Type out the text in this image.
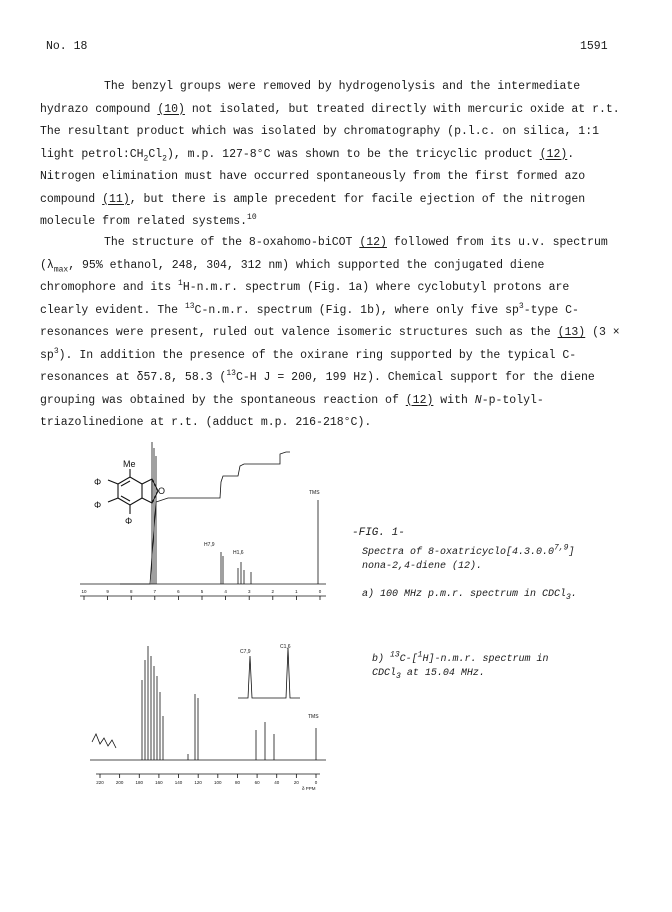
No. 18	1591

The benzyl groups were removed by hydrogenolysis and the intermediate hydrazo compound (10) not isolated, but treated directly with mercuric oxide at r.t. The resultant product which was isolated by chromatography (p.l.c. on silica, 1:1 light $petrol:CH_2Cl_2$), m.p. 127-8°C was shown to be the tricyclic product (12). Nitrogen elimination must have occurred spontaneously from the first formed azo compound (11), but there is ample precedent for facile ejection of the nitrogen molecule from related systems.$^{10}$

The structure of the 8-oxahomo-biCOT (12) followed from its u.v. spectrum ($\lambda_{max}$, 95% ethanol, 248, 304, 312 nm) which supported the conjugated diene chromophore and its $^1$H-n.m.r. spectrum (Fig. 1a) where cyclobutyl protons are clearly evident. The $^{13}$C-n.m.r. spectrum (Fig. 1b), where only five $sp^3$-type C-resonances were present, ruled out valence isomeric structures such as the (13) $(3 \times sp^3)$. In addition the presence of the oxirane ring supported by the typical C-resonances at δ57.8, 58.3 ($^{13}$C-H J = 200, 199 Hz). Chemical support for the diene grouping was obtained by the spontaneous reaction of (12) with N-p-tolyl-triazolinedione at r.t. (adduct m.p. 216-218°C).

Me
Φ
Φ
Φ
O
H7,9
H1,6
TMS
10	9	8	7	6	5	4	3	2	1	0
C7,9
C1,6
TMS
220	200	180	160	140	120	100	80	60	40	20	0
δ PPM
-FIG. 1-

Spectra of 8-oxatricyclo[4.3.0.0$^{7,9}$]
nona-2,4-diene (12).

a) 100 MHz p.m.r. spectrum in CDCl$_3$.

b) $^{13}$C-[$^1$H]-n.m.r. spectrum in
CDCl$_3$ at 15.04 MHz.
